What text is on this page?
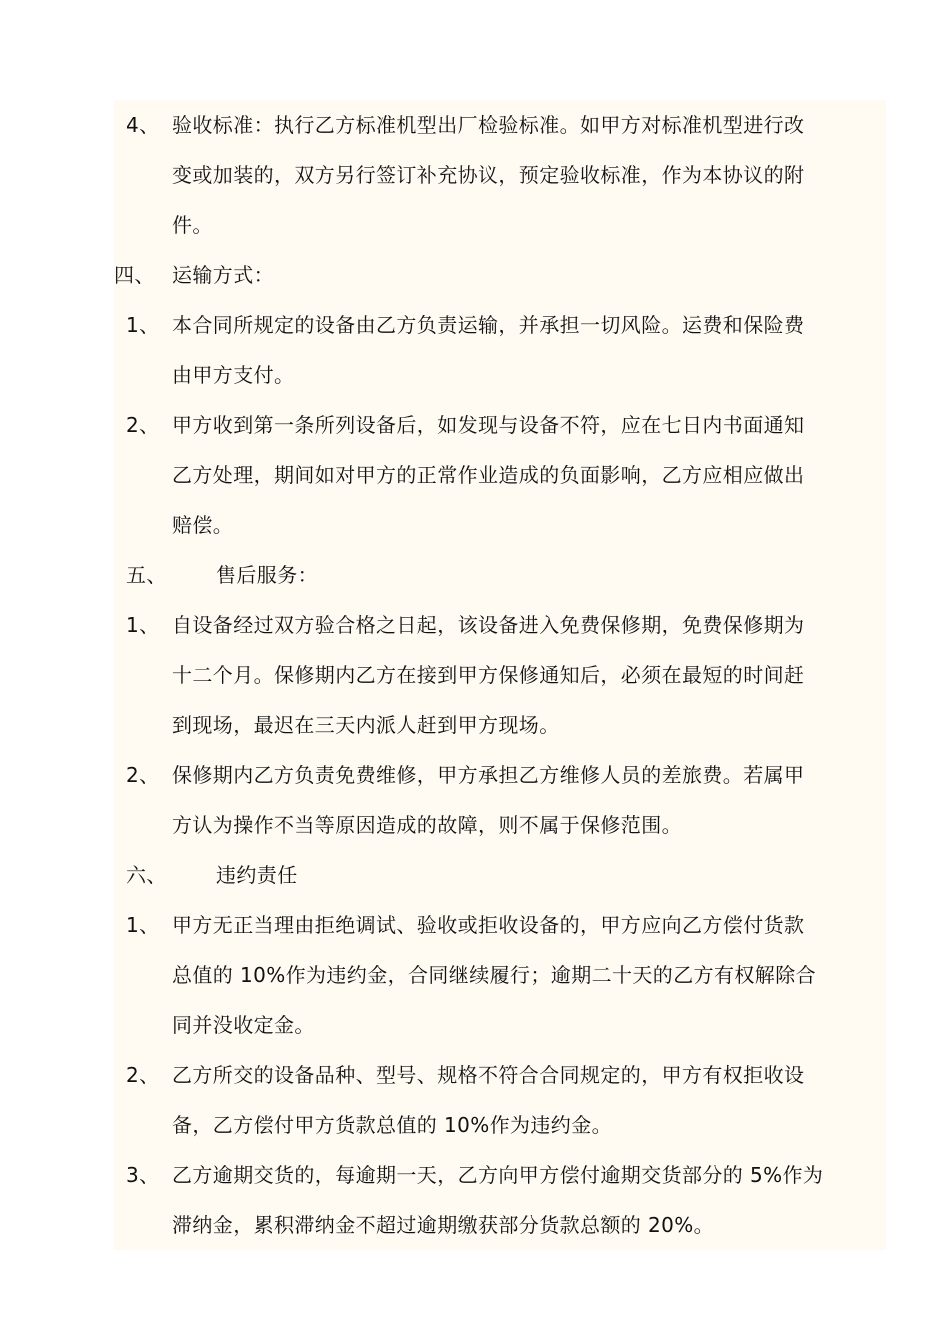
4、 验收标准：执行乙方标准机型出厂检验标准。如甲方对标准机型进行改
变或加装的，双方另行签订补充协议，预定验收标准，作为本协议的附
件。
四、 运输方式：
1、 本合同所规定的设备由乙方负责运输，并承担一切风险。运费和保险费
由甲方支付。
2、 甲方收到第一条所列设备后，如发现与设备不符，应在七日内书面通知
乙方处理，期间如对甲方的正常作业造成的负面影响，乙方应相应做出
赔偿。
五、 售后服务：
1、 自设备经过双方验合格之日起，该设备进入免费保修期，免费保修期为
十二个月。保修期内乙方在接到甲方保修通知后，必须在最短的时间赶
到现场，最迟在三天内派人赶到甲方现场。
2、 保修期内乙方负责免费维修，甲方承担乙方维修人员的差旅费。若属甲
方认为操作不当等原因造成的故障，则不属于保修范围。
六、 违约责任
1、 甲方无正当理由拒绝调试、验收或拒收设备的，甲方应向乙方偿付货款
总值的 10%作为违约金，合同继续履行；逾期二十天的乙方有权解除合
同并没收定金。
2、 乙方所交的设备品种、型号、规格不符合合同规定的，甲方有权拒收设
备，乙方偿付甲方货款总值的 10%作为违约金。
3、 乙方逾期交货的，每逾期一天，乙方向甲方偿付逾期交货部分的 5%作为
滞纳金，累积滞纳金不超过逾期缴获部分货款总额的 20%。
